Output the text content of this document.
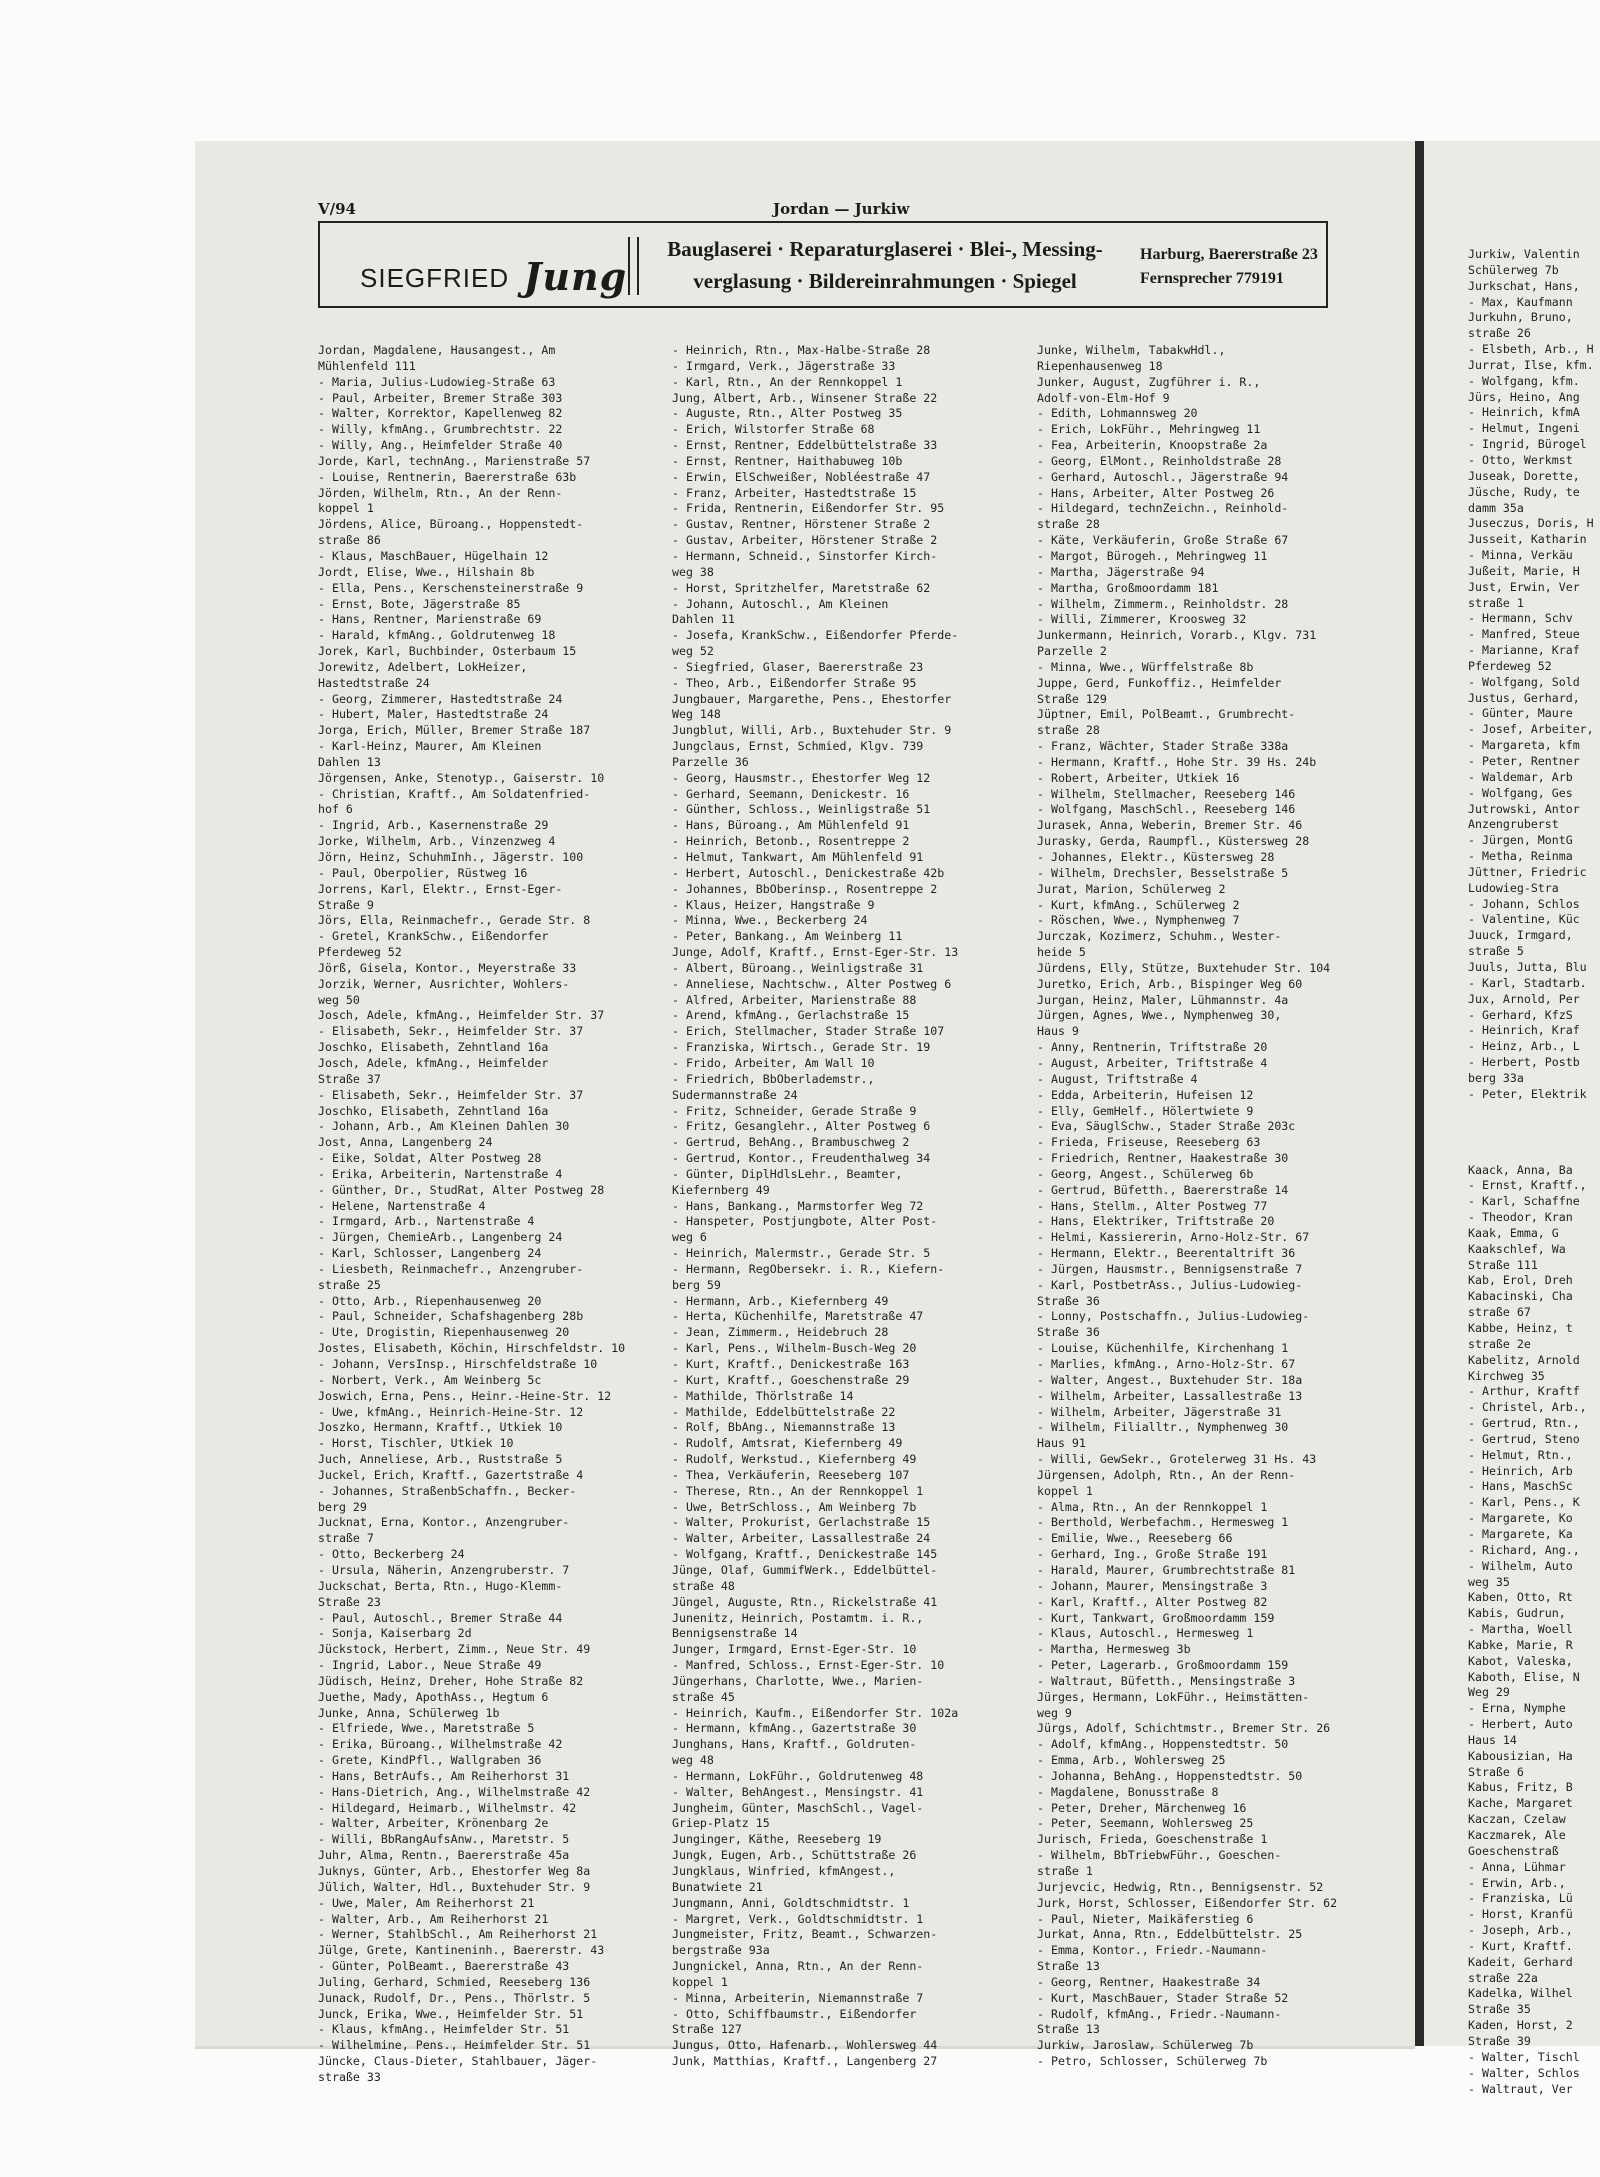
V/94	Jordan — Jurkiw
SIEGFRIED Jung
Bauglaserei · Reparaturglaserei · Blei-, Messing-
verglasung · Bildereinrahmungen · Spiegel
Harburg, Baererstraße 23
Fernsprecher 779191
Jordan, Magdalene, Hausangest., Am
Mühlenfeld 111
- Maria, Julius-Ludowieg-Straße 63
- Paul, Arbeiter, Bremer Straße 303
- Walter, Korrektor, Kapellenweg 82
- Willy, kfmAng., Grumbrechtstr. 22
- Willy, Ang., Heimfelder Straße 40
Jorde, Karl, technAng., Marienstraße 57
- Louise, Rentnerin, Baererstraße 63b
Jörden, Wilhelm, Rtn., An der Renn-
koppel 1
Jördens, Alice, Büroang., Hoppenstedt-
straße 86
- Klaus, MaschBauer, Hügelhain 12
Jordt, Elise, Wwe., Hilshain 8b
- Ella, Pens., Kerschensteinerstraße 9
- Ernst, Bote, Jägerstraße 85
- Hans, Rentner, Marienstraße 69
- Harald, kfmAng., Goldrutenweg 18
Jorek, Karl, Buchbinder, Osterbaum 15
Jorewitz, Adelbert, LokHeizer,
Hastedtstraße 24
- Georg, Zimmerer, Hastedtstraße 24
- Hubert, Maler, Hastedtstraße 24
Jorga, Erich, Müller, Bremer Straße 187
- Karl-Heinz, Maurer, Am Kleinen
Dahlen 13
Jörgensen, Anke, Stenotyp., Gaiserstr. 10
- Christian, Kraftf., Am Soldatenfried-
hof 6
- Ingrid, Arb., Kasernenstraße 29
Jorke, Wilhelm, Arb., Vinzenzweg 4
Jörn, Heinz, SchuhmInh., Jägerstr. 100
- Paul, Oberpolier, Rüstweg 16
Jorrens, Karl, Elektr., Ernst-Eger-
Straße 9
Jörs, Ella, Reinmachefr., Gerade Str. 8
- Gretel, KrankSchw., Eißendorfer
Pferdeweg 52
Jörß, Gisela, Kontor., Meyerstraße 33
Jorzik, Werner, Ausrichter, Wohlers-
weg 50
Josch, Adele, kfmAng., Heimfelder Str. 37
- Elisabeth, Sekr., Heimfelder Str. 37
Joschko, Elisabeth, Zehntland 16a
Josch, Adele, kfmAng., Heimfelder
Straße 37
- Elisabeth, Sekr., Heimfelder Str. 37
Joschko, Elisabeth, Zehntland 16a
- Johann, Arb., Am Kleinen Dahlen 30
Jost, Anna, Langenberg 24
- Eike, Soldat, Alter Postweg 28
- Erika, Arbeiterin, Nartenstraße 4
- Günther, Dr., StudRat, Alter Postweg 28
- Helene, Nartenstraße 4
- Irmgard, Arb., Nartenstraße 4
- Jürgen, ChemieArb., Langenberg 24
- Karl, Schlosser, Langenberg 24
- Liesbeth, Reinmachefr., Anzengruber-
straße 25
- Otto, Arb., Riepenhausenweg 20
- Paul, Schneider, Schafshagenberg 28b
- Ute, Drogistin, Riepenhausenweg 20
Jostes, Elisabeth, Köchin, Hirschfeldstr. 10
- Johann, VersInsp., Hirschfeldstraße 10
- Norbert, Verk., Am Weinberg 5c
Joswich, Erna, Pens., Heinr.-Heine-Str. 12
- Uwe, kfmAng., Heinrich-Heine-Str. 12
Joszko, Hermann, Kraftf., Utkiek 10
- Horst, Tischler, Utkiek 10
Juch, Anneliese, Arb., Ruststraße 5
Juckel, Erich, Kraftf., Gazertstraße 4
- Johannes, StraßenbSchaffn., Becker-
berg 29
Jucknat, Erna, Kontor., Anzengruber-
straße 7
- Otto, Beckerberg 24
- Ursula, Näherin, Anzengruberstr. 7
Juckschat, Berta, Rtn., Hugo-Klemm-
Straße 23
- Paul, Autoschl., Bremer Straße 44
- Sonja, Kaiserbarg 2d
Jückstock, Herbert, Zimm., Neue Str. 49
- Ingrid, Labor., Neue Straße 49
Jüdisch, Heinz, Dreher, Hohe Straße 82
Juethe, Mady, ApothAss., Hegtum 6
Junke, Anna, Schülerweg 1b
- Elfriede, Wwe., Maretstraße 5
- Erika, Büroang., Wilhelmstraße 42
- Grete, KindPfl., Wallgraben 36
- Hans, BetrAufs., Am Reiherhorst 31
- Hans-Dietrich, Ang., Wilhelmstraße 42
- Hildegard, Heimarb., Wilhelmstr. 42
- Walter, Arbeiter, Krönenbarg 2e
- Willi, BbRangAufsAnw., Maretstr. 5
Juhr, Alma, Rentn., Baererstraße 45a
Juknys, Günter, Arb., Ehestorfer Weg 8a
Jülich, Walter, Hdl., Buxtehuder Str. 9
- Uwe, Maler, Am Reiherhorst 21
- Walter, Arb., Am Reiherhorst 21
- Werner, StahlbSchl., Am Reiherhorst 21
Jülge, Grete, Kantineninh., Baererstr. 43
- Günter, PolBeamt., Baererstraße 43
Juling, Gerhard, Schmied, Reeseberg 136
Junack, Rudolf, Dr., Pens., Thörlstr. 5
Junck, Erika, Wwe., Heimfelder Str. 51
- Klaus, kfmAng., Heimfelder Str. 51
- Wilhelmine, Pens., Heimfelder Str. 51
Jüncke, Claus-Dieter, Stahlbauer, Jäger-
straße 33
- Heinrich, Rtn., Max-Halbe-Straße 28
- Irmgard, Verk., Jägerstraße 33
- Karl, Rtn., An der Rennkoppel 1
Jung, Albert, Arb., Winsener Straße 22
- Auguste, Rtn., Alter Postweg 35
- Erich, Wilstorfer Straße 68
- Ernst, Rentner, Eddelbüttelstraße 33
- Ernst, Rentner, Haithabuweg 10b
- Erwin, ElSchweißer, Nobléestraße 47
- Franz, Arbeiter, Hastedtstraße 15
- Frida, Rentnerin, Eißendorfer Str. 95
- Gustav, Rentner, Hörstener Straße 2
- Gustav, Arbeiter, Hörstener Straße 2
- Hermann, Schneid., Sinstorfer Kirch-
weg 38
- Horst, Spritzhelfer, Maretstraße 62
- Johann, Autoschl., Am Kleinen
Dahlen 11
- Josefa, KrankSchw., Eißendorfer Pferde-
weg 52
- Siegfried, Glaser, Baererstraße 23
- Theo, Arb., Eißendorfer Straße 95
Jungbauer, Margarethe, Pens., Ehestorfer
Weg 148
Jungblut, Willi, Arb., Buxtehuder Str. 9
Jungclaus, Ernst, Schmied, Klgv. 739
Parzelle 36
- Georg, Hausmstr., Ehestorfer Weg 12
- Gerhard, Seemann, Denickestr. 16
- Günther, Schloss., Weinligstraße 51
- Hans, Büroang., Am Mühlenfeld 91
- Heinrich, Betonb., Rosentreppe 2
- Helmut, Tankwart, Am Mühlenfeld 91
- Herbert, Autoschl., Denickestraße 42b
- Johannes, BbOberinsp., Rosentreppe 2
- Klaus, Heizer, Hangstraße 9
- Minna, Wwe., Beckerberg 24
- Peter, Bankang., Am Weinberg 11
Junge, Adolf, Kraftf., Ernst-Eger-Str. 13
- Albert, Büroang., Weinligstraße 31
- Anneliese, Nachtschw., Alter Postweg 6
- Alfred, Arbeiter, Marienstraße 88
- Arend, kfmAng., Gerlachstraße 15
- Erich, Stellmacher, Stader Straße 107
- Franziska, Wirtsch., Gerade Str. 19
- Frido, Arbeiter, Am Wall 10
- Friedrich, BbOberlademstr.,
Sudermannstraße 24
- Fritz, Schneider, Gerade Straße 9
- Fritz, Gesanglehr., Alter Postweg 6
- Gertrud, BehAng., Brambuschweg 2
- Gertrud, Kontor., Freudenthalweg 34
- Günter, DiplHdlsLehr., Beamter,
Kiefernberg 49
- Hans, Bankang., Marmstorfer Weg 72
- Hanspeter, Postjungbote, Alter Post-
weg 6
- Heinrich, Malermstr., Gerade Str. 5
- Hermann, RegObersekr. i. R., Kiefern-
berg 59
- Hermann, Arb., Kiefernberg 49
- Herta, Küchenhilfe, Maretstraße 47
- Jean, Zimmerm., Heidebruch 28
- Karl, Pens., Wilhelm-Busch-Weg 20
- Kurt, Kraftf., Denickestraße 163
- Kurt, Kraftf., Goeschenstraße 29
- Mathilde, Thörlstraße 14
- Mathilde, Eddelbüttelstraße 22
- Rolf, BbAng., Niemannstraße 13
- Rudolf, Amtsrat, Kiefernberg 49
- Rudolf, Werkstud., Kiefernberg 49
- Thea, Verkäuferin, Reeseberg 107
- Therese, Rtn., An der Rennkoppel 1
- Uwe, BetrSchloss., Am Weinberg 7b
- Walter, Prokurist, Gerlachstraße 15
- Walter, Arbeiter, Lassallestraße 24
- Wolfgang, Kraftf., Denickestraße 145
Jünge, Olaf, GummifWerk., Eddelbüttel-
straße 48
Jüngel, Auguste, Rtn., Rickelstraße 41
Junenitz, Heinrich, Postamtm. i. R.,
Bennigsenstraße 14
Junger, Irmgard, Ernst-Eger-Str. 10
- Manfred, Schloss., Ernst-Eger-Str. 10
Jüngerhans, Charlotte, Wwe., Marien-
straße 45
- Heinrich, Kaufm., Eißendorfer Str. 102a
- Hermann, kfmAng., Gazertstraße 30
Junghans, Hans, Kraftf., Goldruten-
weg 48
- Hermann, LokFühr., Goldrutenweg 48
- Walter, BehAngest., Mensingstr. 41
Jungheim, Günter, MaschSchl., Vagel-
Griep-Platz 15
Junginger, Käthe, Reeseberg 19
Jungk, Eugen, Arb., Schüttstraße 26
Jungklaus, Winfried, kfmAngest.,
Bunatwiete 21
Jungmann, Anni, Goldtschmidtstr. 1
- Margret, Verk., Goldtschmidtstr. 1
Jungmeister, Fritz, Beamt., Schwarzen-
bergstraße 93a
Jungnickel, Anna, Rtn., An der Renn-
koppel 1
- Minna, Arbeiterin, Niemannstraße 7
- Otto, Schiffbaumstr., Eißendorfer
Straße 127
Jungus, Otto, Hafenarb., Wohlersweg 44
Junk, Matthias, Kraftf., Langenberg 27
Junke, Wilhelm, TabakwHdl.,
Riepenhausenweg 18
Junker, August, Zugführer i. R.,
Adolf-von-Elm-Hof 9
- Edith, Lohmannsweg 20
- Erich, LokFühr., Mehringweg 11
- Fea, Arbeiterin, Knoopstraße 2a
- Georg, ElMont., Reinholdstraße 28
- Gerhard, Autoschl., Jägerstraße 94
- Hans, Arbeiter, Alter Postweg 26
- Hildegard, technZeichn., Reinhold-
straße 28
- Käte, Verkäuferin, Große Straße 67
- Margot, Bürogeh., Mehringweg 11
- Martha, Jägerstraße 94
- Martha, Großmoordamm 181
- Wilhelm, Zimmerm., Reinholdstr. 28
- Willi, Zimmerer, Kroosweg 32
Junkermann, Heinrich, Vorarb., Klgv. 731
Parzelle 2
- Minna, Wwe., Würffelstraße 8b
Juppe, Gerd, Funkoffiz., Heimfelder
Straße 129
Jüptner, Emil, PolBeamt., Grumbrecht-
straße 28
- Franz, Wächter, Stader Straße 338a
- Hermann, Kraftf., Hohe Str. 39 Hs. 24b
- Robert, Arbeiter, Utkiek 16
- Wilhelm, Stellmacher, Reeseberg 146
- Wolfgang, MaschSchl., Reeseberg 146
Jurasek, Anna, Weberin, Bremer Str. 46
Jurasky, Gerda, Raumpfl., Küstersweg 28
- Johannes, Elektr., Küstersweg 28
- Wilhelm, Drechsler, Besselstraße 5
Jurat, Marion, Schülerweg 2
- Kurt, kfmAng., Schülerweg 2
- Röschen, Wwe., Nymphenweg 7
Jurczak, Kozimerz, Schuhm., Wester-
heide 5
Jürdens, Elly, Stütze, Buxtehuder Str. 104
Juretko, Erich, Arb., Bispinger Weg 60
Jurgan, Heinz, Maler, Lühmannstr. 4a
Jürgen, Agnes, Wwe., Nymphenweg 30,
Haus 9
- Anny, Rentnerin, Triftstraße 20
- August, Arbeiter, Triftstraße 4
- August, Triftstraße 4
- Edda, Arbeiterin, Hufeisen 12
- Elly, GemHelf., Hölertwiete 9
- Eva, SäuglSchw., Stader Straße 203c
- Frieda, Friseuse, Reeseberg 63
- Friedrich, Rentner, Haakestraße 30
- Georg, Angest., Schülerweg 6b
- Gertrud, Büfetth., Baererstraße 14
- Hans, Stellm., Alter Postweg 77
- Hans, Elektriker, Triftstraße 20
- Helmi, Kassiererin, Arno-Holz-Str. 67
- Hermann, Elektr., Beerentaltrift 36
- Jürgen, Hausmstr., Bennigsenstraße 7
- Karl, PostbetrAss., Julius-Ludowieg-
Straße 36
- Lonny, Postschaffn., Julius-Ludowieg-
Straße 36
- Louise, Küchenhilfe, Kirchenhang 1
- Marlies, kfmAng., Arno-Holz-Str. 67
- Walter, Angest., Buxtehuder Str. 18a
- Wilhelm, Arbeiter, Lassallestraße 13
- Wilhelm, Arbeiter, Jägerstraße 31
- Wilhelm, Filialltr., Nymphenweg 30
Haus 91
- Willi, GewSekr., Grotelerweg 31 Hs. 43
Jürgensen, Adolph, Rtn., An der Renn-
koppel 1
- Alma, Rtn., An der Rennkoppel 1
- Berthold, Werbefachm., Hermesweg 1
- Emilie, Wwe., Reeseberg 66
- Gerhard, Ing., Große Straße 191
- Harald, Maurer, Grumbrechtstraße 81
- Johann, Maurer, Mensingstraße 3
- Karl, Kraftf., Alter Postweg 82
- Kurt, Tankwart, Großmoordamm 159
- Klaus, Autoschl., Hermesweg 1
- Martha, Hermesweg 3b
- Peter, Lagerarb., Großmoordamm 159
- Waltraut, Büfetth., Mensingstraße 3
Jürges, Hermann, LokFühr., Heimstätten-
weg 9
Jürgs, Adolf, Schichtmstr., Bremer Str. 26
- Adolf, kfmAng., Hoppenstedtstr. 50
- Emma, Arb., Wohlersweg 25
- Johanna, BehAng., Hoppenstedtstr. 50
- Magdalene, Bonusstraße 8
- Peter, Dreher, Märchenweg 16
- Peter, Seemann, Wohlersweg 25
Jurisch, Frieda, Goeschenstraße 1
- Wilhelm, BbTriebwFühr., Goeschen-
straße 1
Jurjevcic, Hedwig, Rtn., Bennigsenstr. 52
Jurk, Horst, Schlosser, Eißendorfer Str. 62
- Paul, Nieter, Maikäferstieg 6
Jurkat, Anna, Rtn., Eddelbüttelstr. 25
- Emma, Kontor., Friedr.-Naumann-
Straße 13
- Georg, Rentner, Haakestraße 34
- Kurt, MaschBauer, Stader Straße 52
- Rudolf, kfmAng., Friedr.-Naumann-
Straße 13
Jurkiw, Jaroslaw, Schülerweg 7b
- Petro, Schlosser, Schülerweg 7b
Jurkiw, Valentin
Schülerweg 7b
Jurkschat, Hans,
- Max, Kaufmann
Jurkuhn, Bruno,
straße 26
- Elsbeth, Arb., H
Jurrat, Ilse, kfm.
- Wolfgang, kfm.
Jürs, Heino, Ang
- Heinrich, kfmA
- Helmut, Ingeni
- Ingrid, Bürogel
- Otto, Werkmst
Juseak, Dorette,
Jüsche, Rudy, te
damm 35a
Juseczus, Doris, H
Jusseit, Katharin
- Minna, Verkäu
Jußeit, Marie, H
Just, Erwin, Ver
straße 1
- Hermann, Schv
- Manfred, Steue
- Marianne, Kraf
Pferdeweg 52
- Wolfgang, Sold
Justus, Gerhard,
- Günter, Maure
- Josef, Arbeiter,
- Margareta, kfm
- Peter, Rentner
- Waldemar, Arb
- Wolfgang, Ges
Jutrowski, Antor
Anzengruberst
- Jürgen, MontG
- Metha, Reinma
Jüttner, Friedric
Ludowieg-Stra
- Johann, Schlos
- Valentine, Küc
Juuck, Irmgard,
straße 5
Juuls, Jutta, Blu
- Karl, Stadtarb.
Jux, Arnold, Per
- Gerhard, KfzS
- Heinrich, Kraf
- Heinz, Arb., L
- Herbert, Postb
berg 33a
- Peter, Elektrik
Kaack, Anna, Ba
- Ernst, Kraftf.,
- Karl, Schaffne
- Theodor, Kran
Kaak, Emma, G
Kaakschlef, Wa
Straße 111
Kab, Erol, Dreh
Kabacinski, Cha
straße 67
Kabbe, Heinz, t
straße 2e
Kabelitz, Arnold
Kirchweg 35
- Arthur, Kraftf
- Christel, Arb.,
- Gertrud, Rtn.,
- Gertrud, Steno
- Helmut, Rtn.,
- Heinrich, Arb
- Hans, MaschSc
- Karl, Pens., K
- Margarete, Ko
- Margarete, Ka
- Richard, Ang.,
- Wilhelm, Auto
weg 35
Kaben, Otto, Rt
Kabis, Gudrun,
- Martha, Woell
Kabke, Marie, R
Kabot, Valeska,
Kaboth, Elise, N
Weg 29
- Erna, Nymphe
- Herbert, Auto
Haus 14
Kabousizian, Ha
Straße 6
Kabus, Fritz, B
Kache, Margaret
Kaczan, Czelaw
Kaczmarek, Ale
Goeschenstraß
- Anna, Lühmar
- Erwin, Arb.,
- Franziska, Lü
- Horst, Kranfü
- Joseph, Arb.,
- Kurt, Kraftf.
Kadeit, Gerhard
straße 22a
Kadelka, Wilhel
Straße 35
Kaden, Horst, 2
Straße 39
- Walter, Tischl
- Walter, Schlos
- Waltraut, Ver
